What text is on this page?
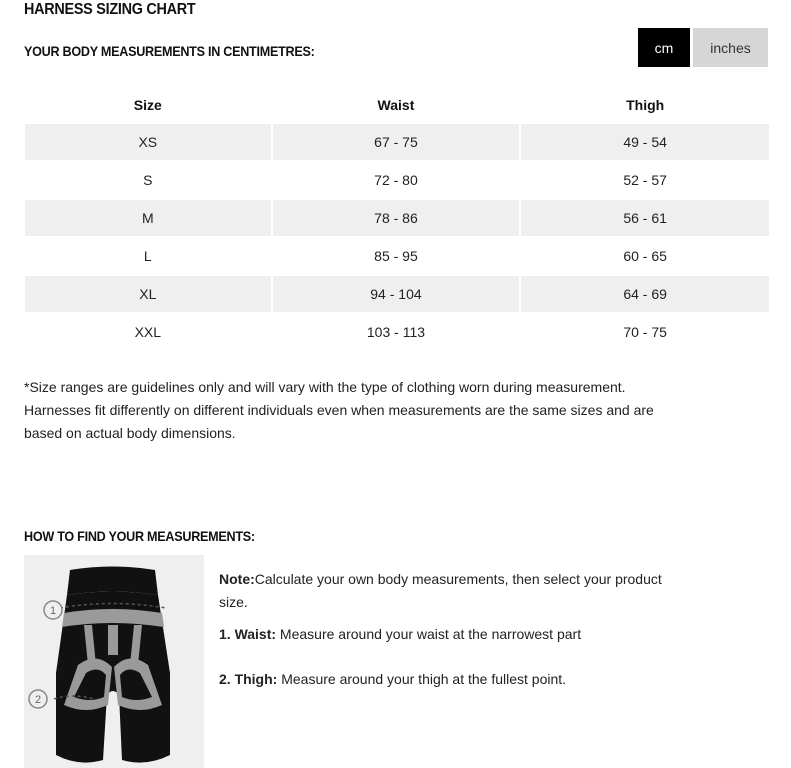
HARNESS SIZING CHART
YOUR BODY MEASUREMENTS IN CENTIMETRES:	cm	inches
Size	Waist	Thigh
XS	67 - 75	49 - 54
S	72 - 80	52 - 57
M	78 - 86	56 - 61
L	85 - 95	60 - 65
XL	94 - 104	64 - 69
XXL	103 - 113	70 - 75
*Size ranges are guidelines only and will vary with the type of clothing worn during measurement. Harnesses fit differently on different individuals even when measurements are the same sizes and are based on actual body dimensions.
HOW TO FIND YOUR MEASUREMENTS:
1
2

Note:Calculate your own body measurements, then select your product size.

1. Waist: Measure around your waist at the narrowest part

2. Thigh: Measure around your thigh at the fullest point.
